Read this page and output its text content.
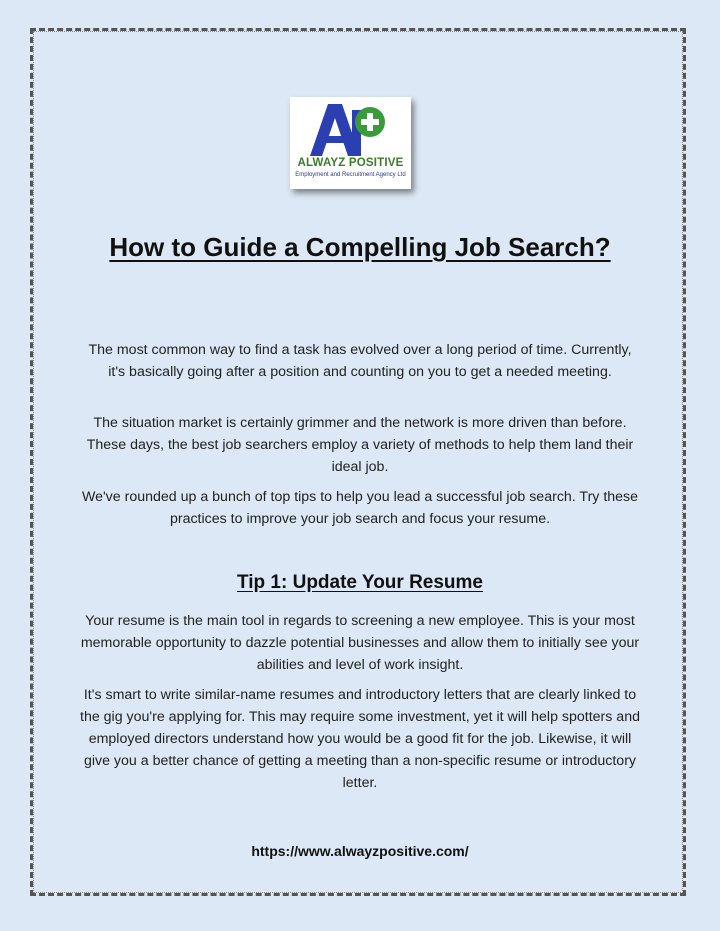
ALWAYZ POSITIVE
Employment and Recruitment Agency Ltd
How to Guide a Compelling Job Search?

The most common way to find a task has evolved over a long period of time. Currently, it's basically going after a position and counting on you to get a needed meeting.

The situation market is certainly grimmer and the network is more driven than before. These days, the best job searchers employ a variety of methods to help them land their ideal job.

We've rounded up a bunch of top tips to help you lead a successful job search. Try these practices to improve your job search and focus your resume.

Tip 1: Update Your Resume

Your resume is the main tool in regards to screening a new employee. This is your most memorable opportunity to dazzle potential businesses and allow them to initially see your abilities and level of work insight.

It's smart to write similar-name resumes and introductory letters that are clearly linked to the gig you're applying for. This may require some investment, yet it will help spotters and employed directors understand how you would be a good fit for the job. Likewise, it will give you a better chance of getting a meeting than a non-specific resume or introductory letter.

https://www.alwayzpositive.com/
